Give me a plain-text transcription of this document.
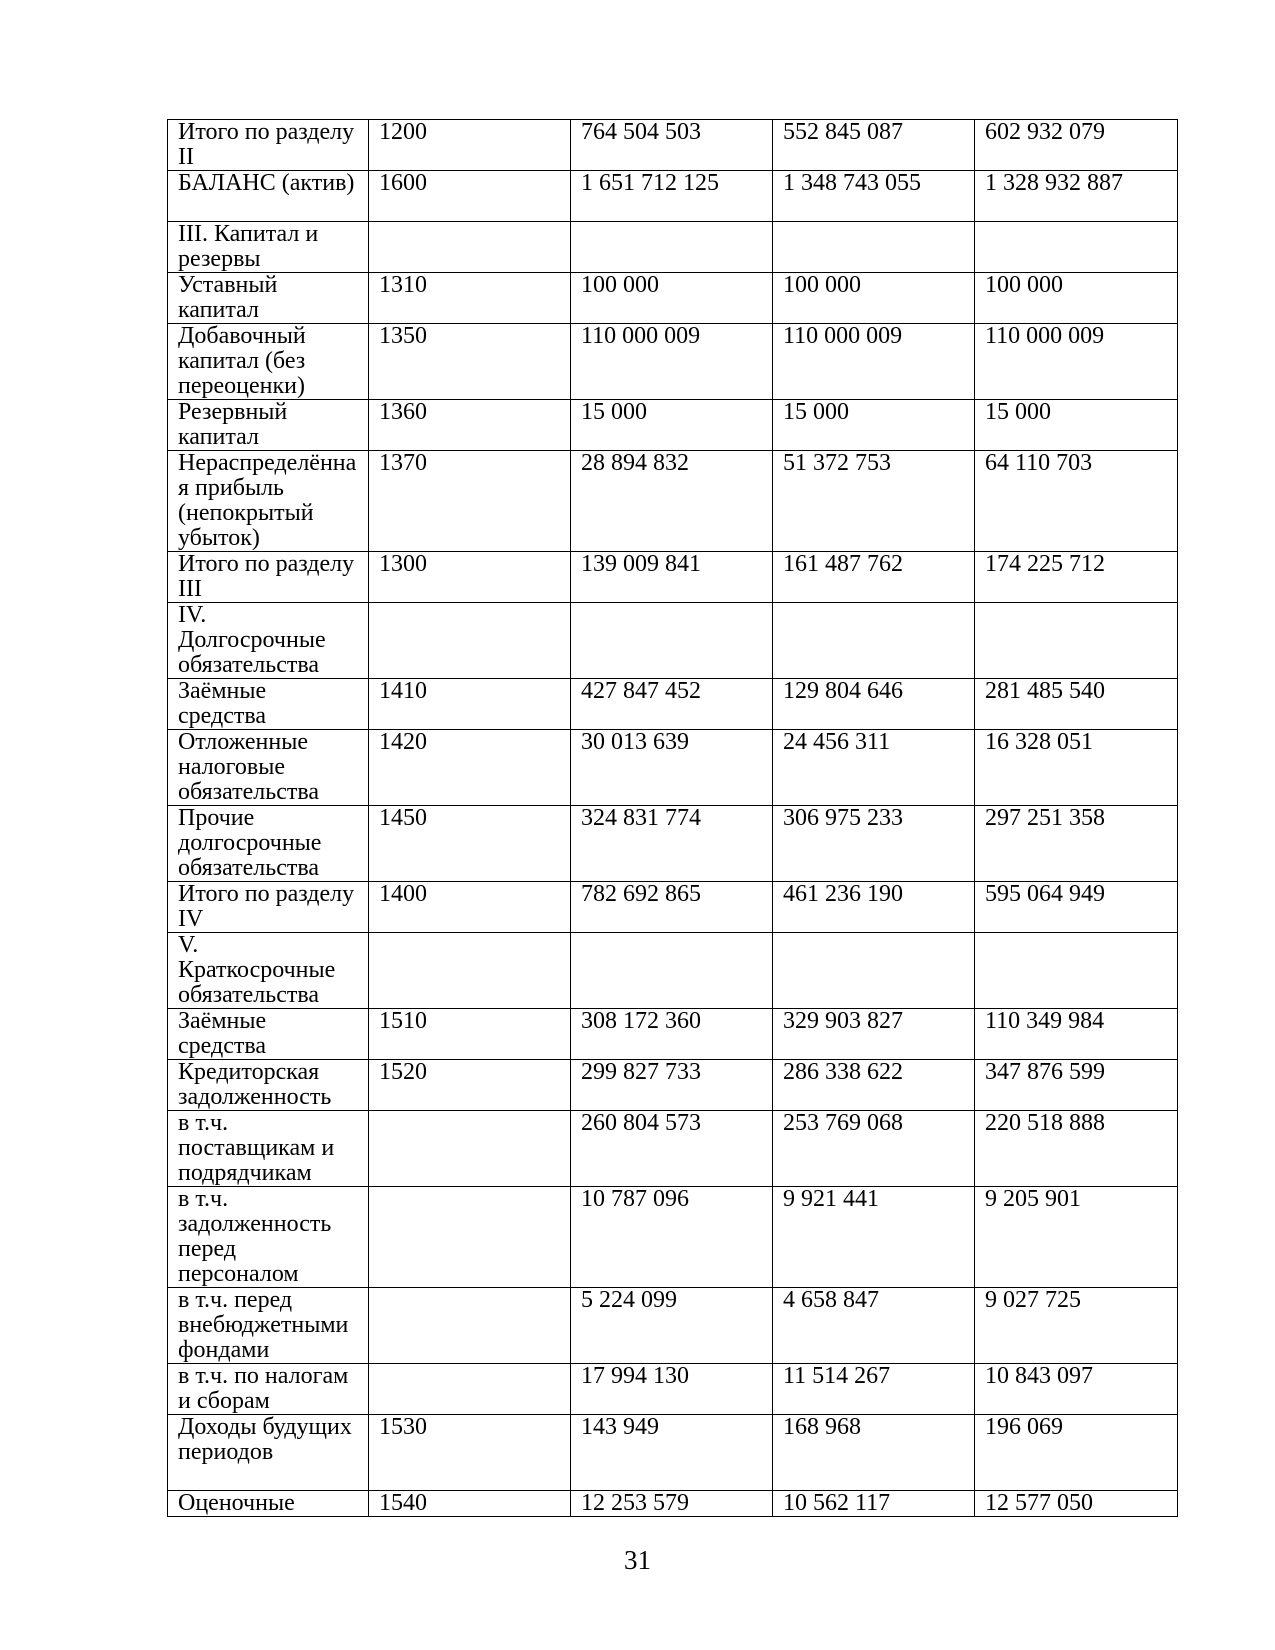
Итого по разделу II	1200	764 504 503	552 845 087	602 932 079
БАЛАНС (актив)	1600	1 651 712 125	1 348 743 055	1 328 932 887
III. Капитал и резервы				
Уставный капитал	1310	100 000	100 000	100 000
Добавочный капитал (без переоценки)	1350	110 000 009	110 000 009	110 000 009
Резервный капитал	1360	15 000	15 000	15 000
Нераспределённая прибыль (непокрытый убыток)	1370	28 894 832	51 372 753	64 110 703
Итого по разделу III	1300	139 009 841	161 487 762	174 225 712
IV. Долгосрочные обязательства				
Заёмные средства	1410	427 847 452	129 804 646	281 485 540
Отложенные налоговые обязательства	1420	30 013 639	24 456 311	16 328 051
Прочие долгосрочные обязательства	1450	324 831 774	306 975 233	297 251 358
Итого по разделу IV	1400	782 692 865	461 236 190	595 064 949
V. Краткосрочные обязательства				
Заёмные средства	1510	308 172 360	329 903 827	110 349 984
Кредиторская задолженность	1520	299 827 733	286 338 622	347 876 599
в т.ч. поставщикам и подрядчикам		260 804 573	253 769 068	220 518 888
в т.ч. задолженность перед персоналом		10 787 096	9 921 441	9 205 901
в т.ч. перед внебюджетными фондами		5 224 099	4 658 847	9 027 725
в т.ч. по налогам и сборам		17 994 130	11 514 267	10 843 097
Доходы будущих периодов	1530	143 949	168 968	196 069
Оценочные	1540	12 253 579	10 562 117	12 577 050
31
